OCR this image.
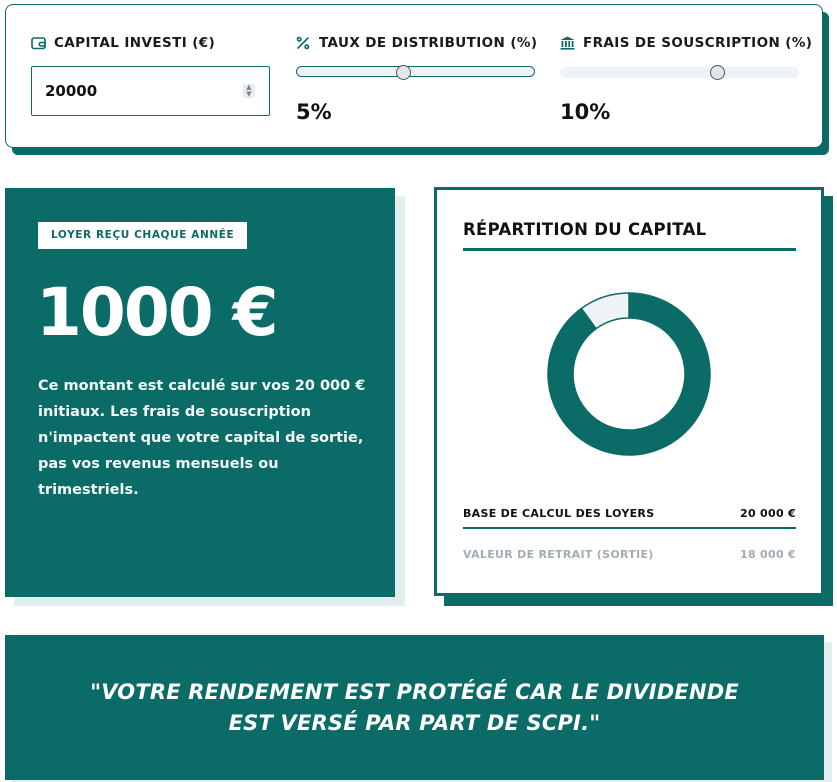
CAPITAL INVESTI (€)
20000	▲
▼
TAUX DE DISTRIBUTION (%)
5%
FRAIS DE SOUSCRIPTION (%)
10%
LOYER REÇU CHAQUE ANNÉE
1000 €
Ce montant est calculé sur vos 20 000 € initiaux. Les frais de souscription n'impactent que votre capital de sortie, pas vos revenus mensuels ou trimestriels.
RÉPARTITION DU CAPITAL
BASE DE CALCUL DES LOYERS	20 000 €
VALEUR DE RETRAIT (SORTIE)	18 000 €
"VOTRE RENDEMENT EST PROTÉGÉ CAR LE DIVIDENDE EST VERSÉ PAR PART DE SCPI."
